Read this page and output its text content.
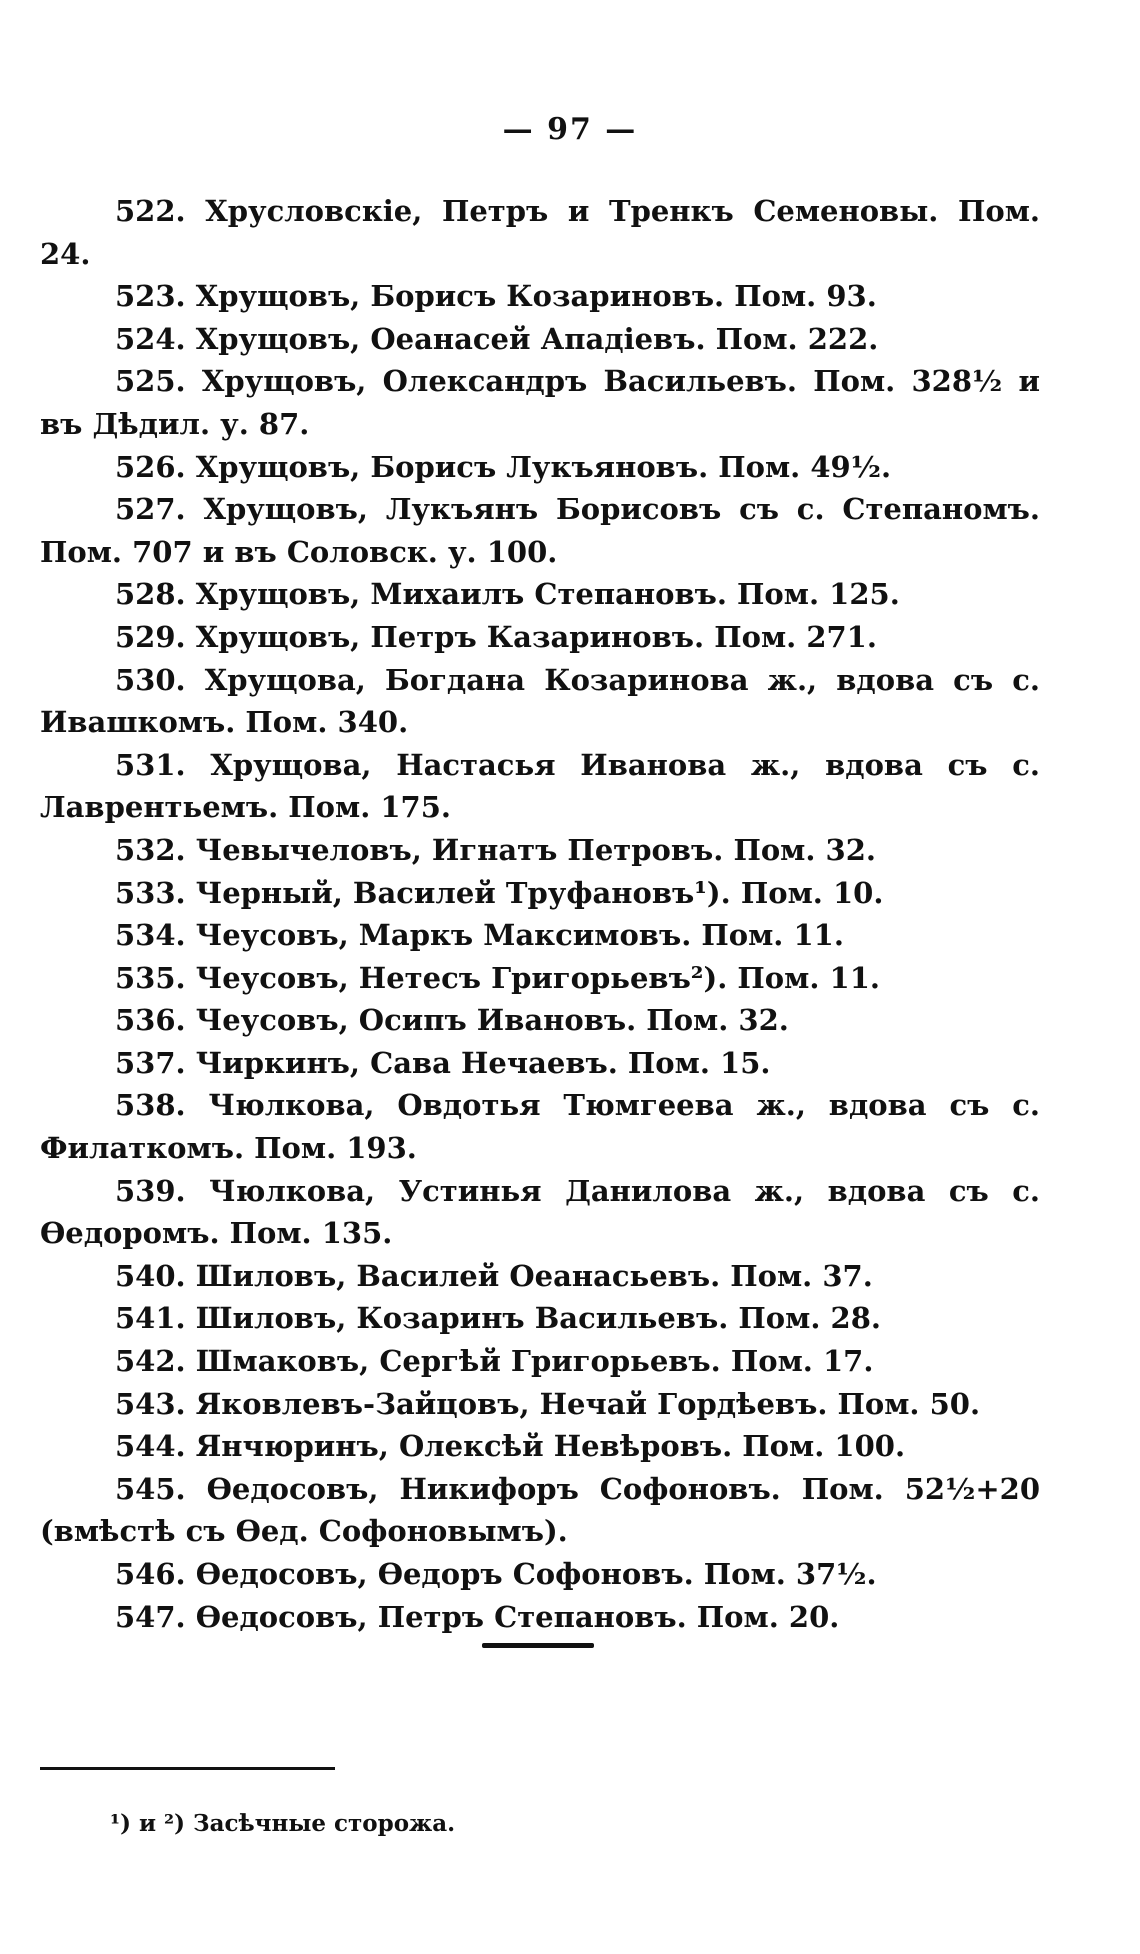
— 97 —

522. Хрусловскiе, Петръ и Тренкъ Семеновы. Пом. 24.

523. Хрущовъ, Борисъ Козариновъ. Пом. 93.

524. Хрущовъ, Оеанасей Ападіевъ. Пом. 222.

525. Хрущовъ, Олександръ Васильевъ. Пом. 328½ и въ Дѣдил. у. 87.

526. Хрущовъ, Борисъ Лукъяновъ. Пом. 49½.

527. Хрущовъ, Лукъянъ Борисовъ съ с. Степаномъ. Пом. 707 и въ Соловск. у. 100.

528. Хрущовъ, Михаилъ Степановъ. Пом. 125.

529. Хрущовъ, Петръ Казариновъ. Пом. 271.

530. Хрущова, Богдана Козаринова ж., вдова съ с. Ивашкомъ. Пом. 340.

531. Хрущова, Настасья Иванова ж., вдова съ с. Лаврентьемъ. Пом. 175.

532. Чевычеловъ, Игнатъ Петровъ. Пом. 32.

533. Черный, Василей Труфановъ¹). Пом. 10.

534. Чеусовъ, Маркъ Максимовъ. Пом. 11.

535. Чеусовъ, Нетесъ Григорьевъ²). Пом. 11.

536. Чеусовъ, Осипъ Ивановъ. Пом. 32.

537. Чиркинъ, Сава Нечаевъ. Пом. 15.

538. Чюлкова, Овдотья Тюмгеева ж., вдова съ с. Филаткомъ. Пом. 193.

539. Чюлкова, Устинья Данилова ж., вдова съ с. Өедоромъ. Пом. 135.

540. Шиловъ, Василей Оеанасьевъ. Пом. 37.

541. Шиловъ, Козаринъ Васильевъ. Пом. 28.

542. Шмаковъ, Сергѣй Григорьевъ. Пом. 17.

543. Яковлевъ-Зайцовъ, Нечай Гордѣевъ. Пом. 50.

544. Янчюринъ, Олексѣй Невѣровъ. Пом. 100.

545. Өедосовъ, Никифоръ Софоновъ. Пом. 52½+20 (вмѣстѣ съ Өед. Софоновымъ).

546. Өедосовъ, Өедоръ Софоновъ. Пом. 37½.

547. Өедосовъ, Петръ Степановъ. Пом. 20.

¹) и ²) Засѣчные сторожа.
